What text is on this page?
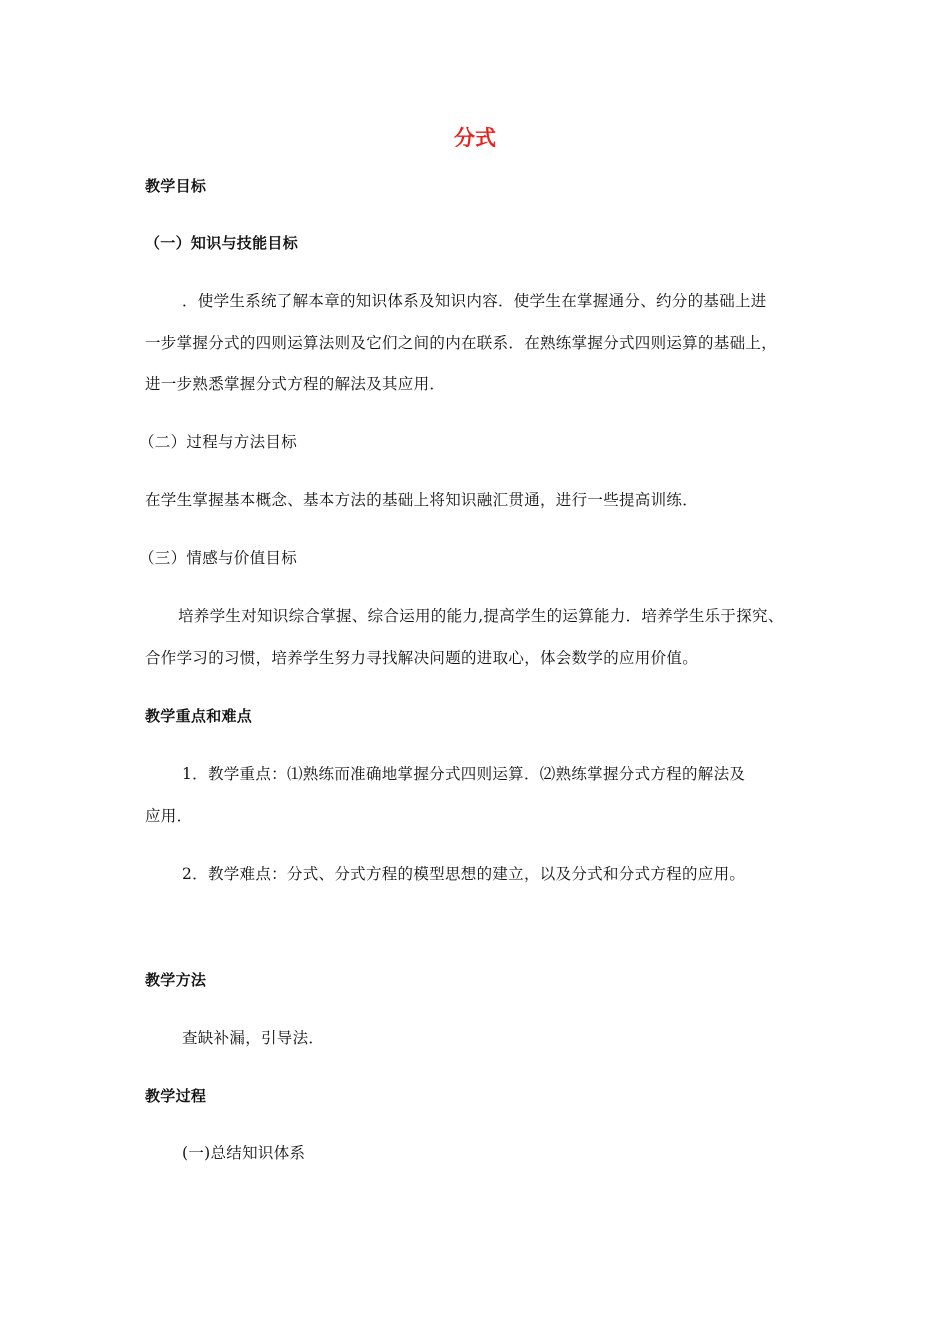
分式
教学目标
（一）知识与技能目标
．使学生系统了解本章的知识体系及知识内容．使学生在掌握通分、约分的基础上进
一步掌握分式的四则运算法则及它们之间的内在联系．在熟练掌握分式四则运算的基础上，
进一步熟悉掌握分式方程的解法及其应用．
（二）过程与方法目标
在学生掌握基本概念、基本方法的基础上将知识融汇贯通，进行一些提高训练．
（三）情感与价值目标
培养学生对知识综合掌握、综合运用的能力,提高学生的运算能力．培养学生乐于探究、
合作学习的习惯，培养学生努力寻找解决问题的进取心，体会数学的应用价值。
教学重点和难点
1．教学重点：⑴熟练而准确地掌握分式四则运算．⑵熟练掌握分式方程的解法及
应用．
2．教学难点：分式、分式方程的模型思想的建立，以及分式和分式方程的应用。
教学方法
查缺补漏，引导法．
教学过程
(一)总结知识体系
